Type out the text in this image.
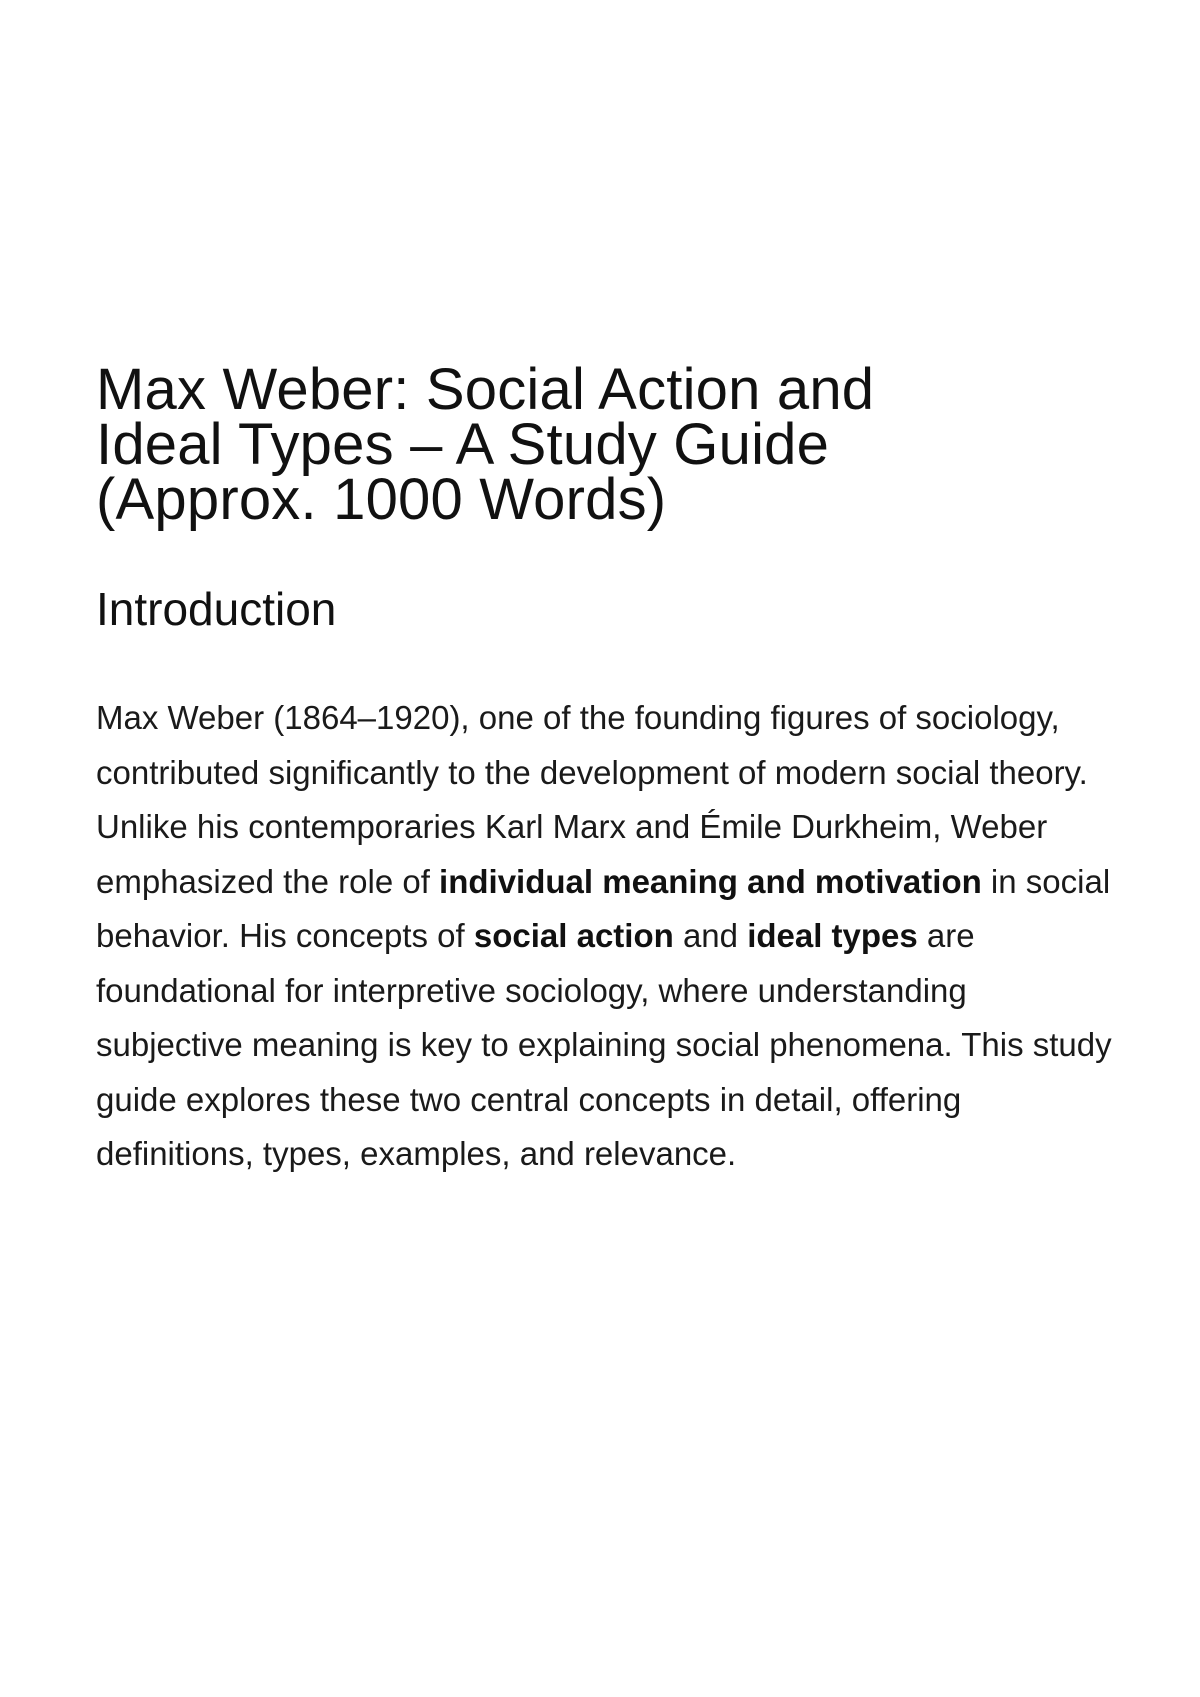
Max Weber: Social Action and
Ideal Types – A Study Guide
(Approx. 1000 Words)
Introduction

Max Weber (1864–1920), one of the founding figures of sociology, contributed significantly to the development of modern social theory. Unlike his contemporaries Karl Marx and Émile Durkheim, Weber emphasized the role of individual meaning and motivation in social behavior. His concepts of social action and ideal types are foundational for interpretive sociology, where understanding subjective meaning is key to explaining social phenomena. This study guide explores these two central concepts in detail, offering definitions, types, examples, and relevance.
